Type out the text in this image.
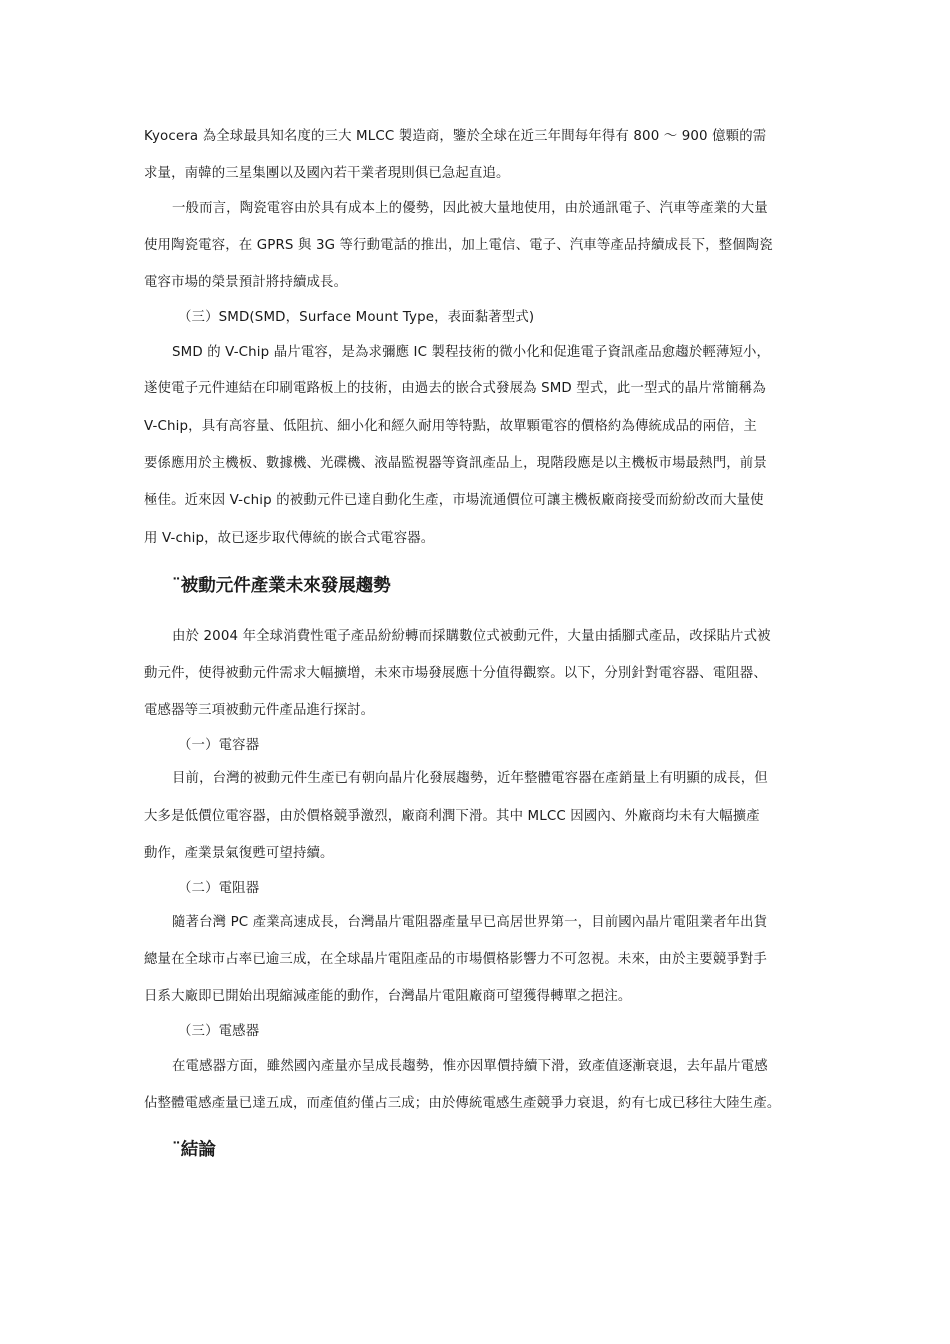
Kyocera 為全球最具知名度的三大 MLCC 製造商，鑒於全球在近三年間每年得有 800 ～ 900 億顆的需
求量，南韓的三星集團以及國內若干業者現則俱已急起直追。
一般而言，陶瓷電容由於具有成本上的優勢，因此被大量地使用，由於通訊電子、汽車等產業的大量
使用陶瓷電容，在 GPRS 與 3G 等行動電話的推出，加上電信、電子、汽車等產品持續成長下，整個陶瓷
電容市場的榮景預計將持續成長。
（三）SMD(SMD，Surface Mount Type，表面黏著型式)
SMD 的 V-Chip 晶片電容，是為求彌應 IC 製程技術的微小化和促進電子資訊產品愈趨於輕薄短小，
遂使電子元件連結在印刷電路板上的技術，由過去的嵌合式發展為 SMD 型式，此一型式的晶片常簡稱為
V-Chip，具有高容量、低阻抗、細小化和經久耐用等特點，故單顆電容的價格約為傳統成品的兩倍，主
要係應用於主機板、數據機、光碟機、液晶監視器等資訊產品上，現階段應是以主機板市場最熱門，前景
極佳。近來因 V-chip 的被動元件已達自動化生產，市場流通價位可讓主機板廠商接受而紛紛改而大量使
用 V-chip，故已逐步取代傳統的嵌合式電容器。
¨被動元件產業未來發展趨勢
由於 2004 年全球消費性電子產品紛紛轉而採購數位式被動元件，大量由插腳式產品，改採貼片式被
動元件，使得被動元件需求大幅擴增，未來市場發展應十分值得觀察。以下，分別針對電容器、電阻器、
電感器等三項被動元件產品進行探討。
（一）電容器
目前，台灣的被動元件生產已有朝向晶片化發展趨勢，近年整體電容器在產銷量上有明顯的成長，但
大多是低價位電容器，由於價格競爭激烈，廠商利潤下滑。其中 MLCC 因國內、外廠商均未有大幅擴產
動作，產業景氣復甦可望持續。
（二）電阻器
隨著台灣 PC 產業高速成長，台灣晶片電阻器產量早已高居世界第一，目前國內晶片電阻業者年出貨
總量在全球市占率已逾三成，在全球晶片電阻產品的市場價格影響力不可忽視。未來，由於主要競爭對手
日系大廠即已開始出現縮減產能的動作，台灣晶片電阻廠商可望獲得轉單之挹注。
（三）電感器
在電感器方面，雖然國內產量亦呈成長趨勢，惟亦因單價持續下滑，致產值逐漸衰退，去年晶片電感
佔整體電感產量已達五成，而產值約僅占三成；由於傳統電感生產競爭力衰退，約有七成已移往大陸生產。
¨結論
